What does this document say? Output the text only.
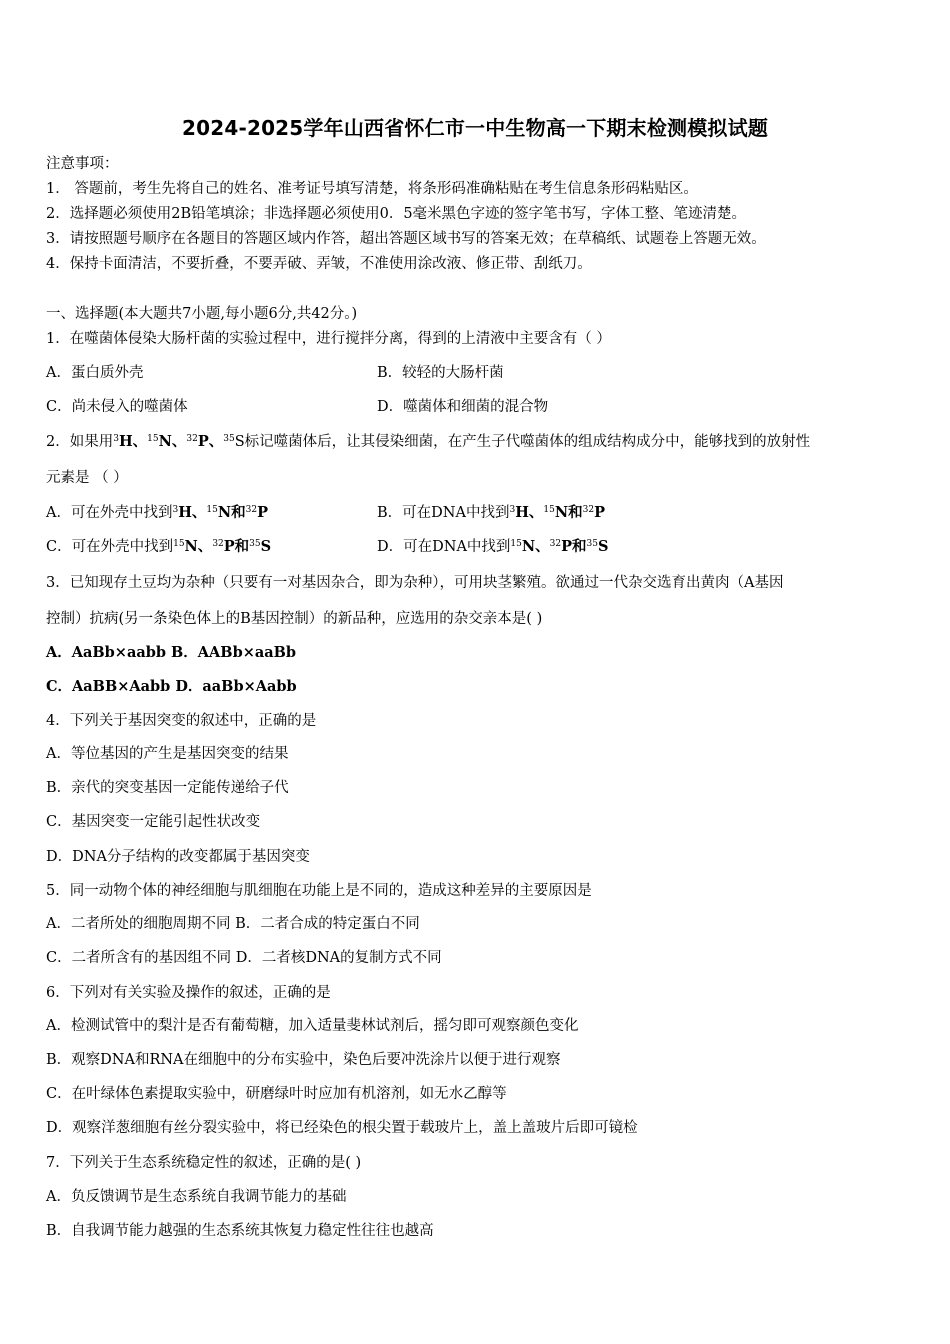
2024-2025学年山西省怀仁市一中生物高一下期末检测模拟试题
注意事项：
1． 答题前，考生先将自己的姓名、准考证号填写清楚，将条形码准确粘贴在考生信息条形码粘贴区。
2．选择题必须使用2B铅笔填涂；非选择题必须使用0．5毫米黑色字迹的签字笔书写，字体工整、笔迹清楚。
3．请按照题号顺序在各题目的答题区域内作答，超出答题区域书写的答案无效；在草稿纸、试题卷上答题无效。
4．保持卡面清洁，不要折叠，不要弄破、弄皱，不准使用涂改液、修正带、刮纸刀。
一、选择题(本大题共7小题,每小题6分,共42分。)
1．在噬菌体侵染大肠杆菌的实验过程中，进行搅拌分离，得到的上清液中主要含有（ ）
A．蛋白质外壳	B．较轻的大肠杆菌
C．尚未侵入的噬菌体	D．噬菌体和细菌的混合物
2．如果用$^3$H、$^{15}$N、$^{32}$P、$^{35}$S标记噬菌体后，让其侵染细菌，在产生子代噬菌体的组成结构成分中，能够找到的放射性
元素是 （ ）
A．可在外壳中找到$^3$H、$^{15}$N和$^{32}$P	B．可在DNA中找到$^3$H、$^{15}$N和$^{32}$P
C．可在外壳中找到$^{15}$N、$^{32}$P和$^{35}$S	D．可在DNA中找到$^{15}$N、$^{32}$P和$^{35}$S
3．已知现存土豆均为杂种（只要有一对基因杂合，即为杂种），可用块茎繁殖。欲通过一代杂交选育出黄肉（A基因
控制）抗病(另一条染色体上的B基因控制）的新品种，应选用的杂交亲本是( )
A．AaBb×aabb B．AABb×aaBb
C．AaBB×Aabb D．aaBb×Aabb
4．下列关于基因突变的叙述中，正确的是
A．等位基因的产生是基因突变的结果
B．亲代的突变基因一定能传递给子代
C．基因突变一定能引起性状改变
D．DNA分子结构的改变都属于基因突变
5．同一动物个体的神经细胞与肌细胞在功能上是不同的，造成这种差异的主要原因是
A．二者所处的细胞周期不同 B．二者合成的特定蛋白不同
C．二者所含有的基因组不同 D．二者核DNA的复制方式不同
6．下列对有关实验及操作的叙述，正确的是
A．检测试管中的梨汁是否有葡萄糖，加入适量斐林试剂后，摇匀即可观察颜色变化
B．观察DNA和RNA在细胞中的分布实验中，染色后要冲洗涂片以便于进行观察
C．在叶绿体色素提取实验中，研磨绿叶时应加有机溶剂，如无水乙醇等
D．观察洋葱细胞有丝分裂实验中，将已经染色的根尖置于载玻片上，盖上盖玻片后即可镜检
7．下列关于生态系统稳定性的叙述，正确的是( )
A．负反馈调节是生态系统自我调节能力的基础
B．自我调节能力越强的生态系统其恢复力稳定性往往也越高
